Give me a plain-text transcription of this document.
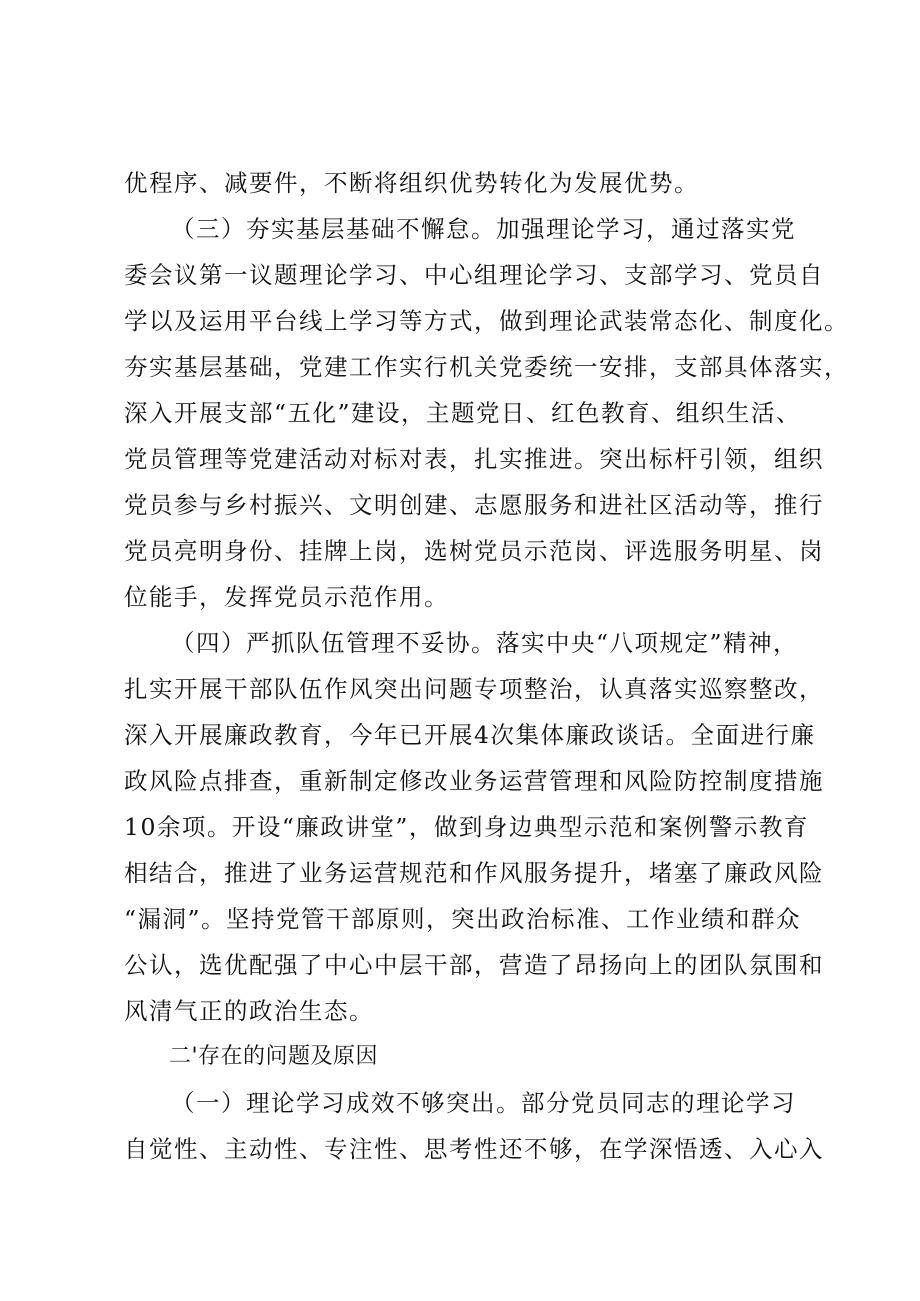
优程序、减要件，不断将组织优势转化为发展优势。
（三）夯实基层基础不懈怠。加强理论学习，通过落实党
委会议第一议题理论学习、中心组理论学习、支部学习、党员自
学以及运用平台线上学习等方式，做到理论武装常态化、制度化。
夯实基层基础，党建工作实行机关党委统一安排，支部具体落实，
深入开展支部“五化”建设，主题党日、红色教育、组织生活、
党员管理等党建活动对标对表，扎实推进。突出标杆引领，组织
党员参与乡村振兴、文明创建、志愿服务和进社区活动等，推行
党员亮明身份、挂牌上岗，选树党员示范岗、评选服务明星、岗
位能手，发挥党员示范作用。
（四）严抓队伍管理不妥协。落实中央“八项规定”精神，
扎实开展干部队伍作风突出问题专项整治，认真落实巡察整改，
深入开展廉政教育，今年已开展4次集体廉政谈话。全面进行廉
政风险点排查，重新制定修改业务运营管理和风险防控制度措施
10余项。开设“廉政讲堂”，做到身边典型示范和案例警示教育
相结合，推进了业务运营规范和作风服务提升，堵塞了廉政风险
“漏洞”。坚持党管干部原则，突出政治标准、工作业绩和群众
公认，选优配强了中心中层干部，营造了昂扬向上的团队氛围和
风清气正的政治生态。
二'存在的问题及原因
（一）理论学习成效不够突出。部分党员同志的理论学习
自觉性、主动性、专注性、思考性还不够，在学深悟透、入心入
